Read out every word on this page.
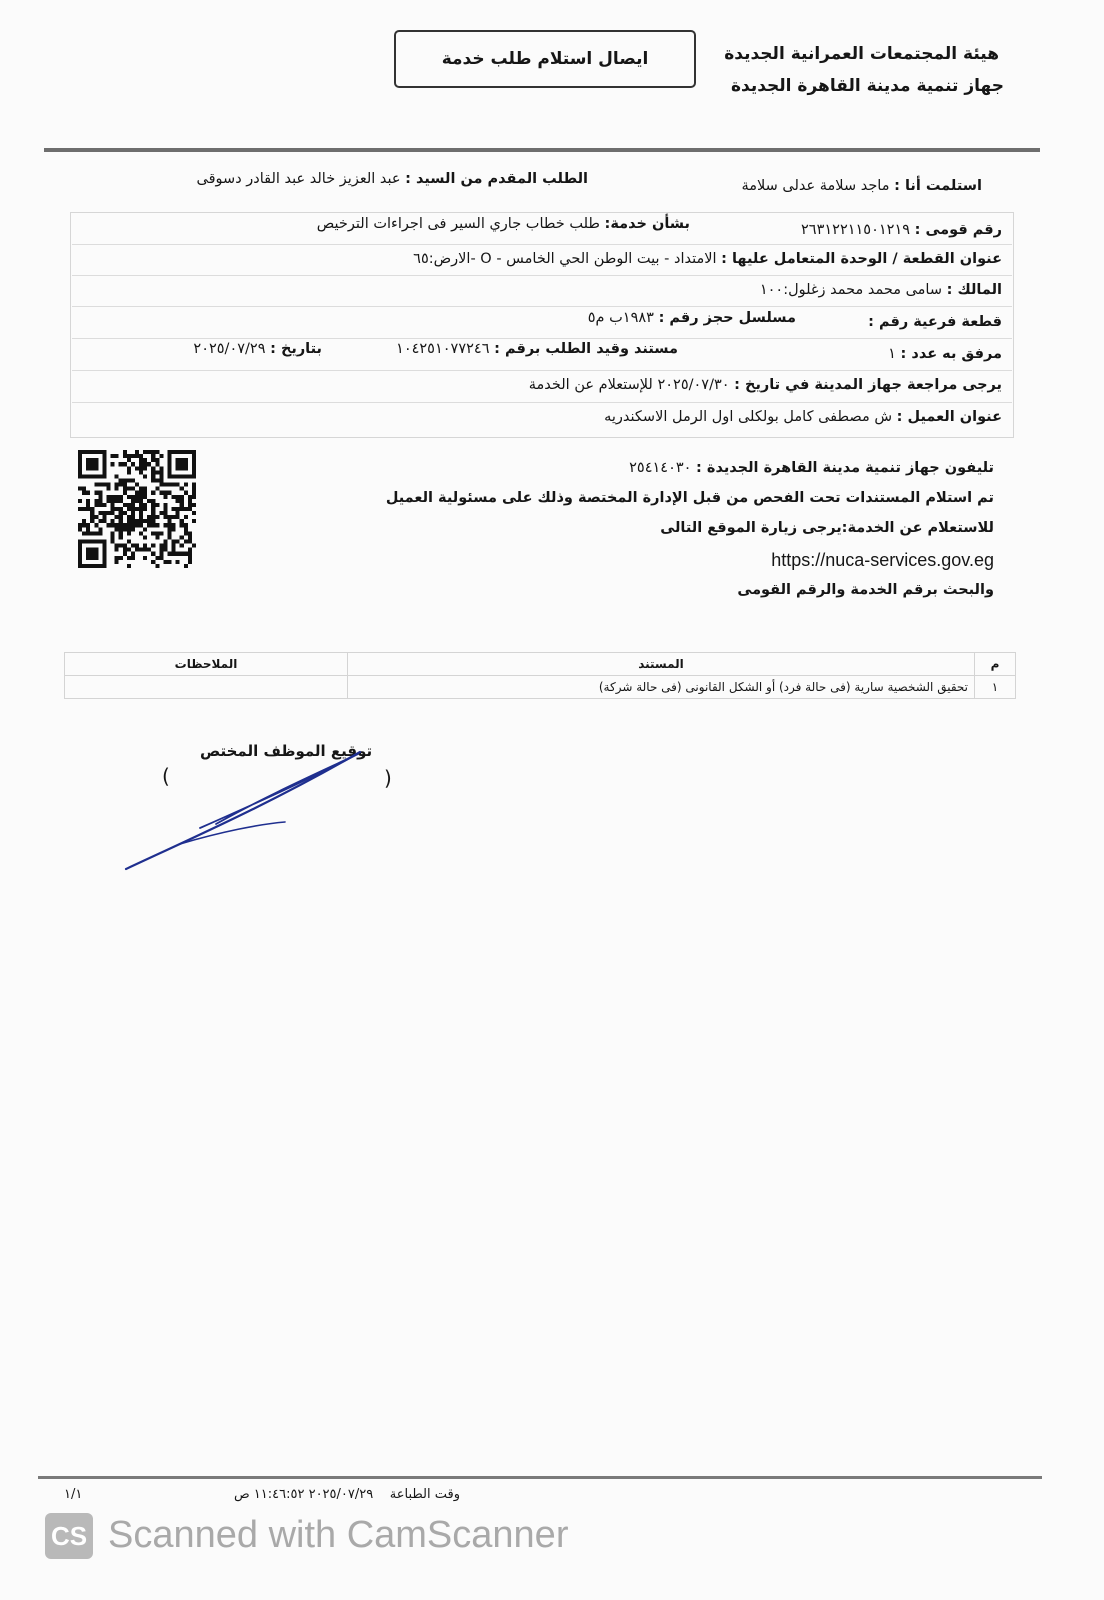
هيئة المجتمعات العمرانية الجديدة
جهاز تنمية مدينة القاهرة الجديدة
ايصال استلام طلب خدمة
استلمت أنا : ماجد سلامة عدلى سلامة
الطلب المقدم من السيد : عبد العزيز خالد عبد القادر دسوقى
رقم قومى : ٢٦٣١٢٢١١٥٠١٢١٩
بشأن خدمة: طلب خطاب جاري السير فى اجراءات الترخيص
عنوان القطعة / الوحدة المتعامل عليها : الامتداد - بيت الوطن الحي الخامس - O -الارض:٦٥
المالك : سامى محمد محمد زغلول:١٠٠
قطعة فرعية رقم :
مسلسل حجز رقم : ١٩٨٣ب م٥
مرفق به عدد : ١
مستند وقيد الطلب برقم : ١٠٤٢٥١٠٧٧٢٤٦
بتاريخ : ٢٠٢٥/٠٧/٢٩
يرجى مراجعة جهاز المدينة في تاريخ : ٢٠٢٥/٠٧/٣٠ للإستعلام عن الخدمة
عنوان العميل : ش مصطفى كامل بولكلى اول الرمل الاسكندريه
تليفون جهاز تنمية مدينة القاهرة الجديدة : ٢٥٤١٤٠٣٠
تم استلام المستندات تحت الفحص من قبل الإدارة المختصة وذلك على مسئولية العميل
للاستعلام عن الخدمة:يرجى زيارة الموقع التالى
https://nuca-services.gov.eg
والبحث برقم الخدمة والرقم القومى
م	المستند	الملاحظات
١	تحقيق الشخصية سارية (فى حالة فرد) أو الشكل القانونى (فى حالة شركة)	
توقيع الموظف المختص
(	)
وقت الطباعة    ٢٠٢٥/٠٧/٢٩ ١١:٤٦:٥٢ ص
١/١
CS Scanned with CamScanner
